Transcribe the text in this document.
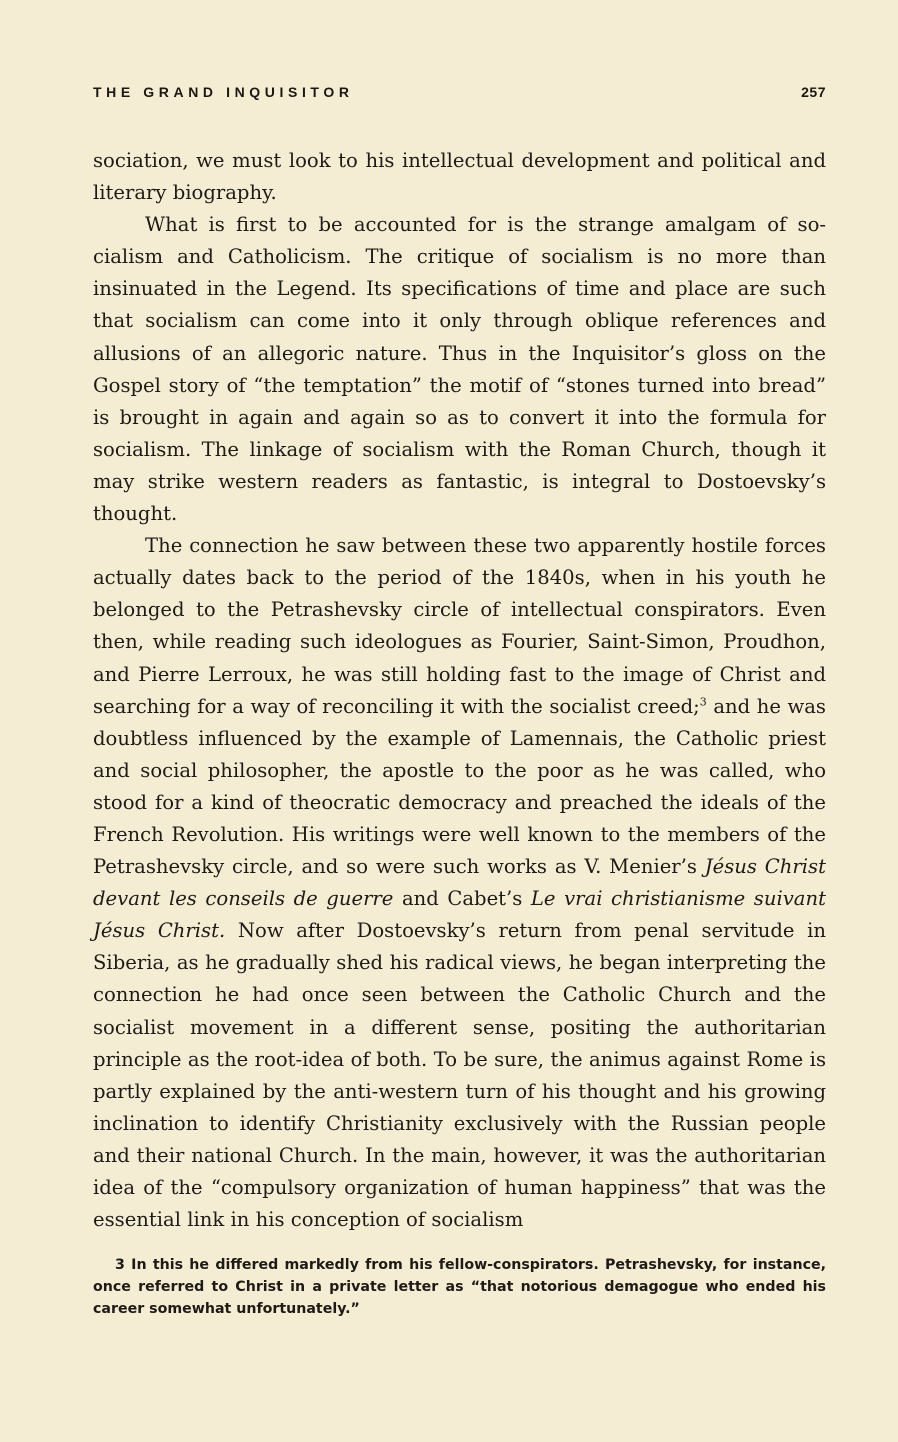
THE GRAND INQUISITOR	257

sociation, we must look to his intellectual development and political and literary biography.

What is first to be accounted for is the strange amalgam of socialism and Catholicism. The critique of socialism is no more than insinuated in the Legend. Its specifications of time and place are such that socialism can come into it only through oblique references and allusions of an allegoric nature. Thus in the Inquisitor’s gloss on the Gospel story of “the temptation” the motif of “stones turned into bread” is brought in again and again so as to convert it into the formula for socialism. The linkage of socialism with the Roman Church, though it may strike western readers as fantastic, is integral to Dostoevsky’s thought.

The connection he saw between these two apparently hostile forces actually dates back to the period of the 1840s, when in his youth he belonged to the Petrashevsky circle of intellectual conspirators. Even then, while reading such ideologues as Fourier, Saint-Simon, Proudhon, and Pierre Lerroux, he was still holding fast to the image of Christ and searching for a way of reconciling it with the socialist creed;$^3$ and he was doubtless influenced by the example of Lamennais, the Catholic priest and social philosopher, the apostle to the poor as he was called, who stood for a kind of theocratic democracy and preached the ideals of the French Revolution. His writings were well known to the members of the Petrashevsky circle, and so were such works as V. Menier’s Jésus Christ devant les conseils de guerre and Cabet’s Le vrai christianisme suivant Jésus Christ. Now after Dostoevsky’s return from penal servitude in Siberia, as he gradually shed his radical views, he began interpreting the connection he had once seen between the Catholic Church and the socialist movement in a different sense, positing the authoritarian principle as the root-idea of both. To be sure, the animus against Rome is partly explained by the anti-western turn of his thought and his growing inclination to identify Christianity exclusively with the Russian people and their national Church. In the main, however, it was the authoritarian idea of the “compulsory organization of human happiness” that was the essential link in his conception of socialism

3 In this he differed markedly from his fellow-conspirators. Petrashevsky, for instance, once referred to Christ in a private letter as “that notorious demagogue who ended his career somewhat unfortunately.”
